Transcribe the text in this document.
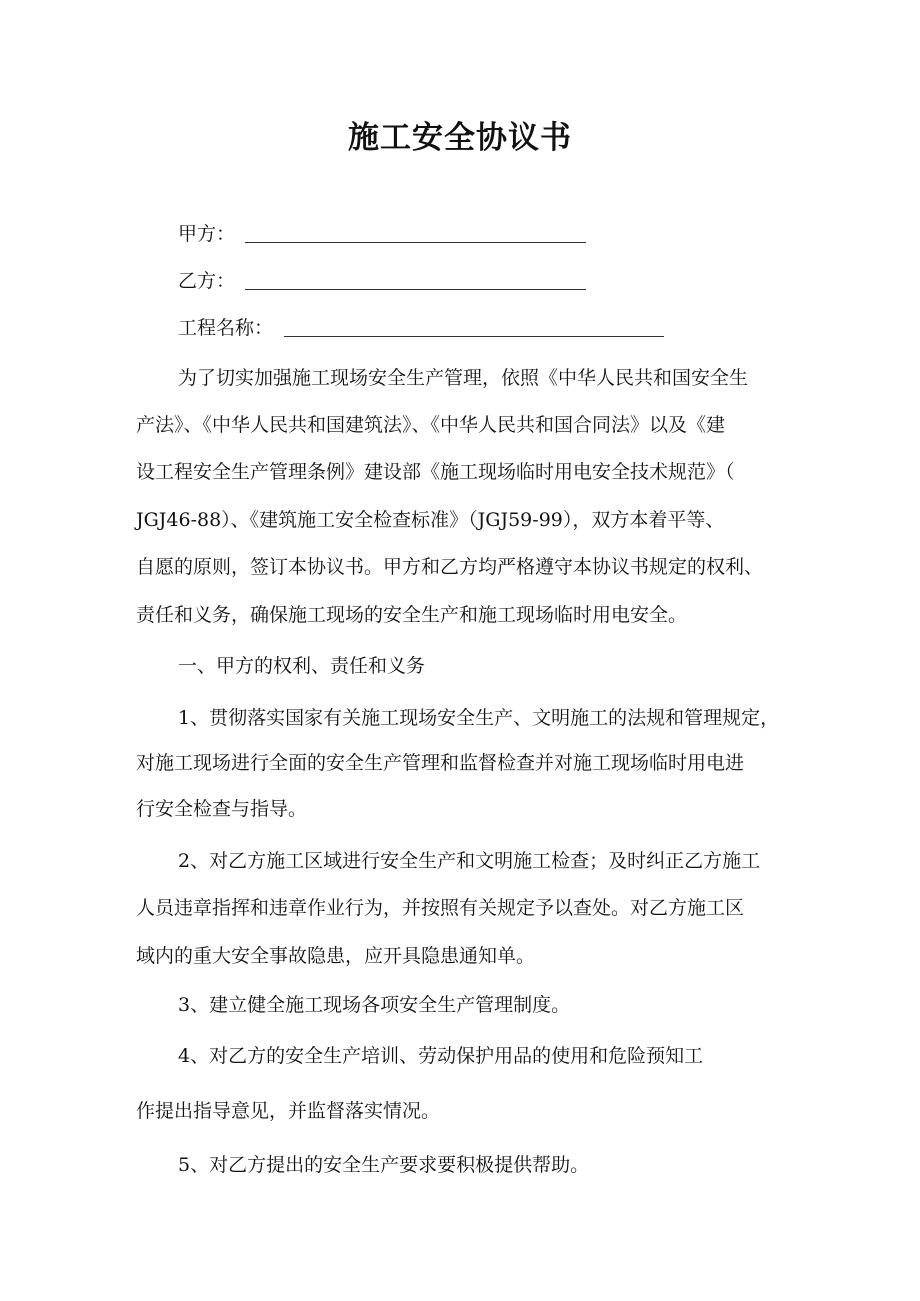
施工安全协议书
甲方：
乙方：
工程名称：
为了切实加强施工现场安全生产管理，依照《中华人民共和国安全生
产法》、《中华人民共和国建筑法》、《中华人民共和国合同法》以及《建
设工程安全生产管理条例》建设部《施工现场临时用电安全技术规范》（
JGJ46-88）、《建筑施工安全检查标准》（JGJ59-99），双方本着平等、
自愿的原则，签订本协议书。甲方和乙方均严格遵守本协议书规定的权利、
责任和义务，确保施工现场的安全生产和施工现场临时用电安全。
一、甲方的权利、责任和义务
1、贯彻落实国家有关施工现场安全生产、文明施工的法规和管理规定，
对施工现场进行全面的安全生产管理和监督检查并对施工现场临时用电进
行安全检查与指导。
2、对乙方施工区域进行安全生产和文明施工检查；及时纠正乙方施工
人员违章指挥和违章作业行为，并按照有关规定予以查处。对乙方施工区
域内的重大安全事故隐患，应开具隐患通知单。
3、建立健全施工现场各项安全生产管理制度。
4、对乙方的安全生产培训、劳动保护用品的使用和危险预知工
作提出指导意见，并监督落实情况。
5、对乙方提出的安全生产要求要积极提供帮助。
